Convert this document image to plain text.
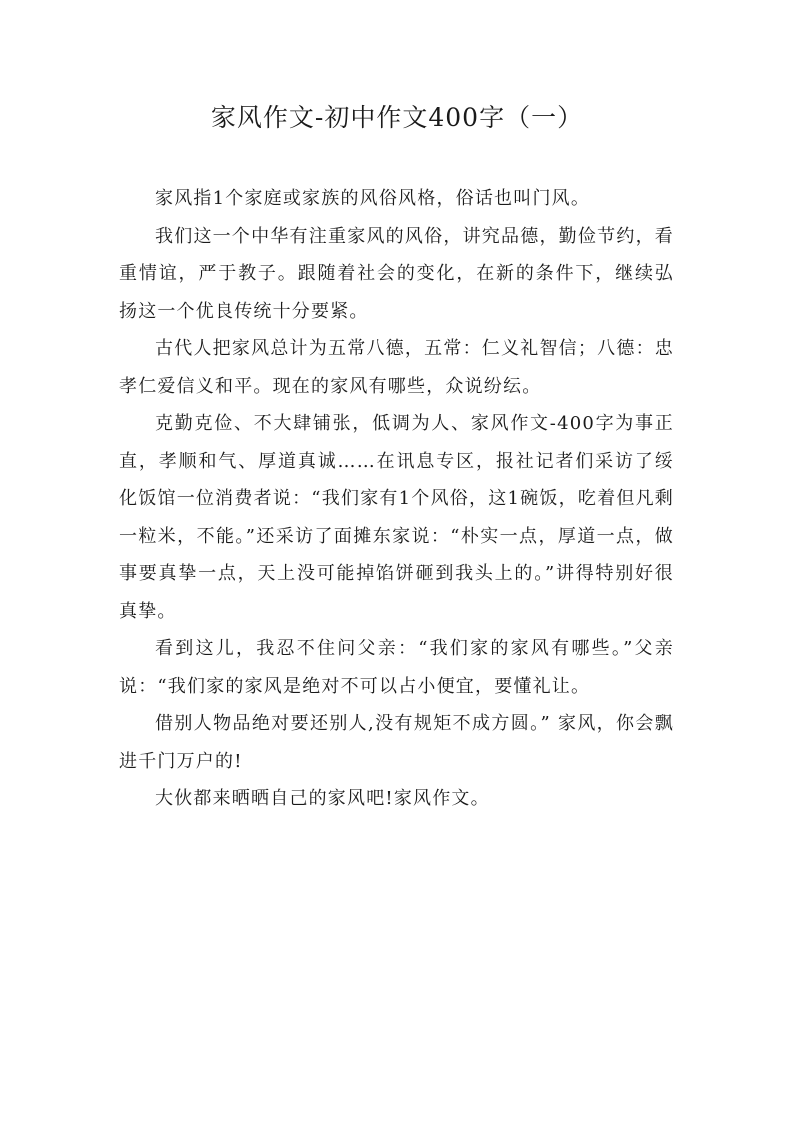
家风作文-初中作文400字（一）

家风指1个家庭或家族的风俗风格，俗话也叫门风。

我们这一个中华有注重家风的风俗，讲究品德，勤俭节约，看重情谊，严于教子。跟随着社会的变化，在新的条件下，继续弘扬这一个优良传统十分要紧。

古代人把家风总计为五常八德，五常：仁义礼智信；八德：忠孝仁爱信义和平。现在的家风有哪些，众说纷纭。

克勤克俭、不大肆铺张，低调为人、家风作文-400字为事正直，孝顺和气、厚道真诚……在讯息专区，报社记者们采访了绥化饭馆一位消费者说：“我们家有1个风俗，这1碗饭，吃着但凡剩一粒米，不能。”还采访了面摊东家说：“朴实一点，厚道一点，做事要真挚一点，天上没可能掉馅饼砸到我头上的。”讲得特别好很真挚。

看到这儿，我忍不住问父亲：“我们家的家风有哪些。”父亲说：“我们家的家风是绝对不可以占小便宜，要懂礼让。

借别人物品绝对要还别人,没有规矩不成方圆。” 家风，你会飘进千门万户的!

大伙都来晒晒自己的家风吧!家风作文。
